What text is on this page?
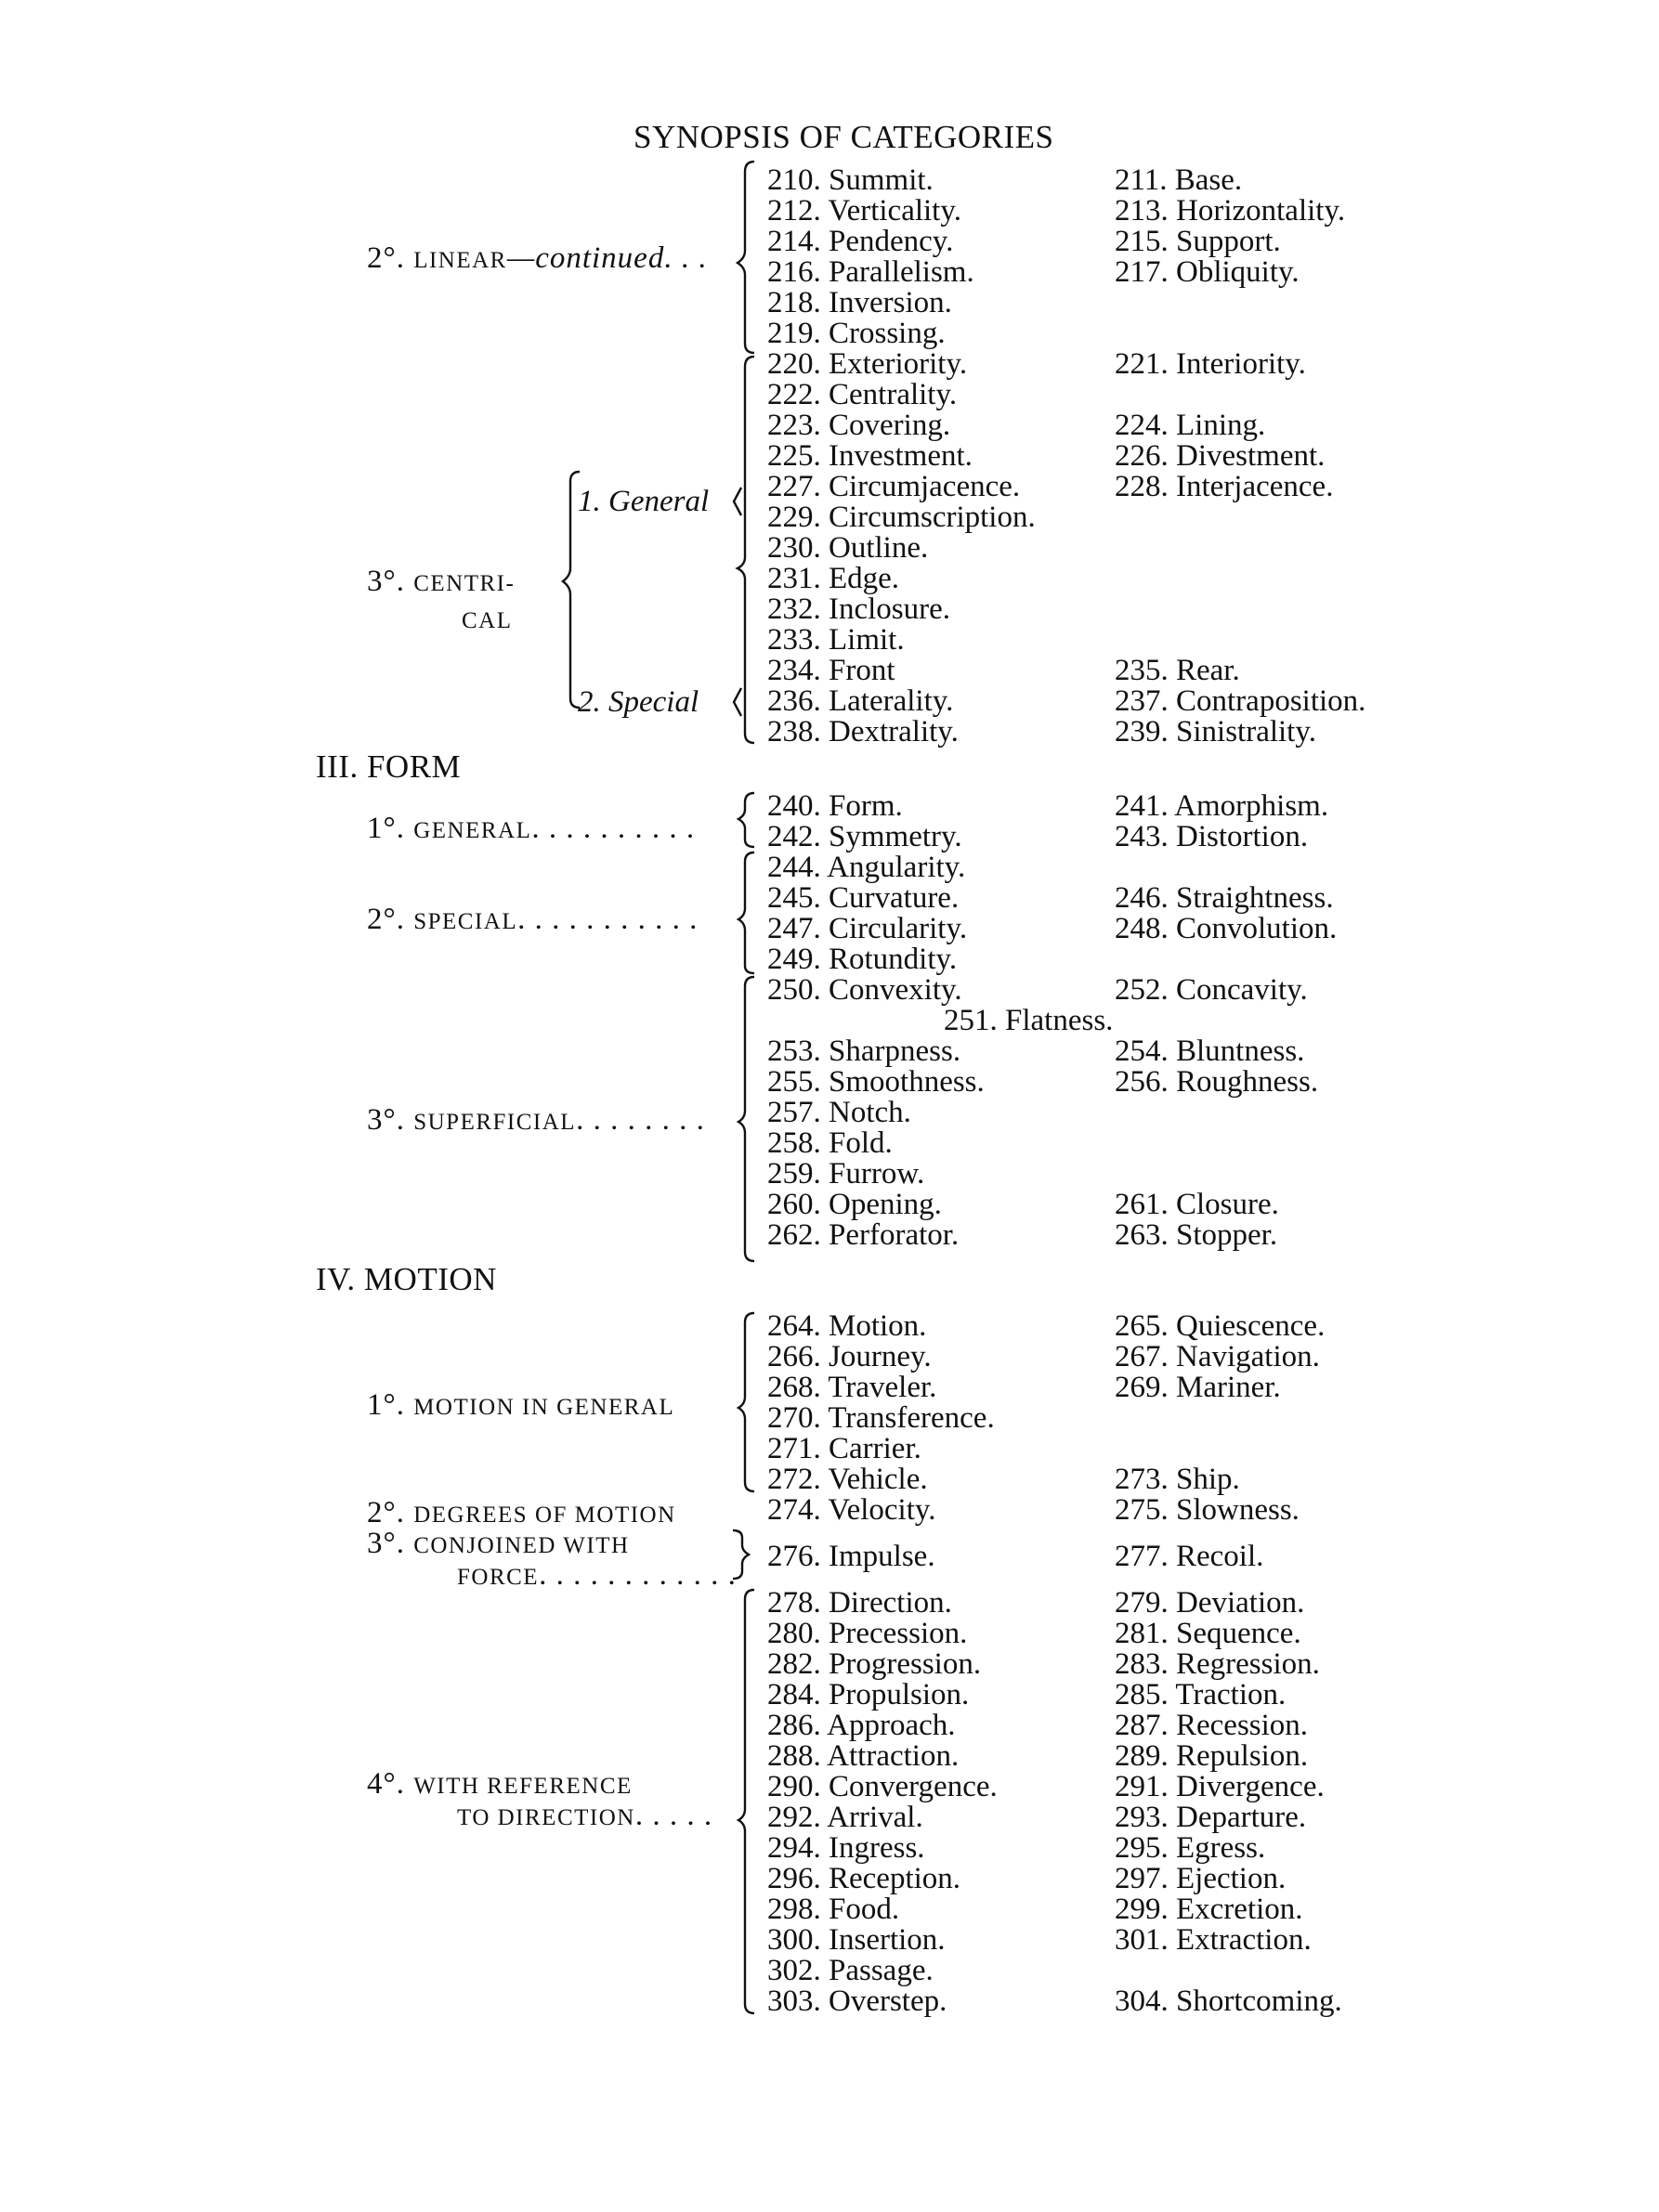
SYNOPSIS OF CATEGORIES
2°. LINEAR—continued. . .
3°. CENTRI-
CAL
1. General
2. Special
III. FORM
1°. GENERAL. . . . . . . . . .
2°. SPECIAL. . . . . . . . . . .
3°. SUPERFICIAL. . . . . . . .
IV. MOTION
1°. MOTION IN GENERAL
2°. DEGREES OF MOTION
3°. CONJOINED WITH
FORCE. . . . . . . . . . . .
4°. WITH REFERENCE
TO DIRECTION. . . . .
210. Summit.	211. Base.
212. Verticality.	213. Horizontality.
214. Pendency.	215. Support.
216. Parallelism.	217. Obliquity.
218. Inversion.
219. Crossing.
220. Exteriority.	221. Interiority.
222. Centrality.
223. Covering.	224. Lining.
225. Investment.	226. Divestment.
227. Circumjacence.	228. Interjacence.
229. Circumscription.
230. Outline.
231. Edge.
232. Inclosure.
233. Limit.
234. Front	235. Rear.
236. Laterality.	237. Contraposition.
238. Dextrality.	239. Sinistrality.
240. Form.	241. Amorphism.
242. Symmetry.	243. Distortion.
244. Angularity.
245. Curvature.	246. Straightness.
247. Circularity.	248. Convolution.
249. Rotundity.
250. Convexity.	252. Concavity.
251. Flatness.
253. Sharpness.	254. Bluntness.
255. Smoothness.	256. Roughness.
257. Notch.
258. Fold.
259. Furrow.
260. Opening.	261. Closure.
262. Perforator.	263. Stopper.
264. Motion.	265. Quiescence.
266. Journey.	267. Navigation.
268. Traveler.	269. Mariner.
270. Transference.
271. Carrier.
272. Vehicle.	273. Ship.
274. Velocity.	275. Slowness.
276. Impulse.	277. Recoil.
278. Direction.	279. Deviation.
280. Precession.	281. Sequence.
282. Progression.	283. Regression.
284. Propulsion.	285. Traction.
286. Approach.	287. Recession.
288. Attraction.	289. Repulsion.
290. Convergence.	291. Divergence.
292. Arrival.	293. Departure.
294. Ingress.	295. Egress.
296. Reception.	297. Ejection.
298. Food.	299. Excretion.
300. Insertion.	301. Extraction.
302. Passage.
303. Overstep.	304. Shortcoming.
